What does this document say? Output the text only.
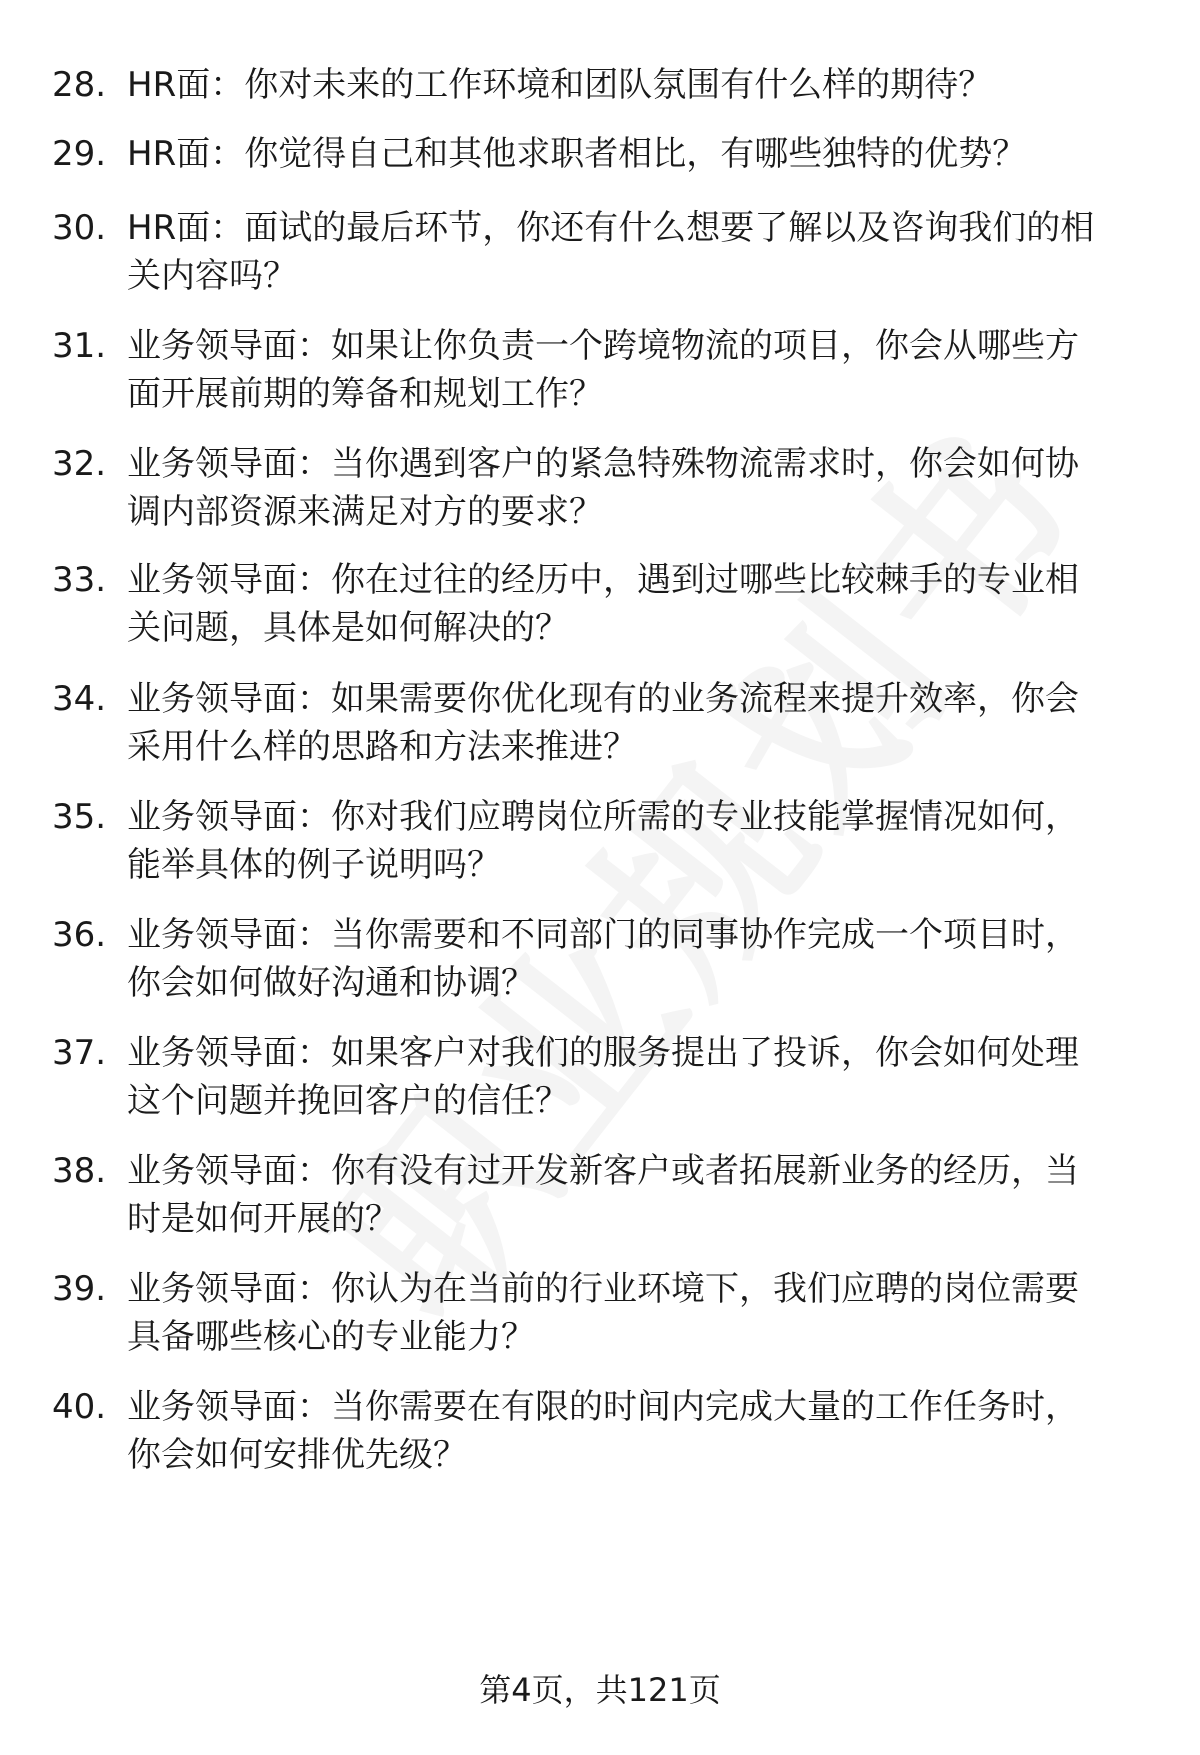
28. HR面：你对未来的工作环境和团队氛围有什么样的期待？
29. HR面：你觉得自己和其他求职者相比，有哪些独特的优势？
30. HR面：面试的最后环节，你还有什么想要了解以及咨询我们的相
关内容吗？
31. 业务领导面：如果让你负责一个跨境物流的项目，你会从哪些方
面开展前期的筹备和规划工作？
32. 业务领导面：当你遇到客户的紧急特殊物流需求时，你会如何协
调内部资源来满足对方的要求？
33. 业务领导面：你在过往的经历中，遇到过哪些比较棘手的专业相
关问题，具体是如何解决的？
34. 业务领导面：如果需要你优化现有的业务流程来提升效率，你会
采用什么样的思路和方法来推进？
35. 业务领导面：你对我们应聘岗位所需的专业技能掌握情况如何，
能举具体的例子说明吗？
36. 业务领导面：当你需要和不同部门的同事协作完成一个项目时，
你会如何做好沟通和协调？
37. 业务领导面：如果客户对我们的服务提出了投诉，你会如何处理
这个问题并挽回客户的信任？
38. 业务领导面：你有没有过开发新客户或者拓展新业务的经历，当
时是如何开展的？
39. 业务领导面：你认为在当前的行业环境下，我们应聘的岗位需要
具备哪些核心的专业能力？
40. 业务领导面：当你需要在有限的时间内完成大量的工作任务时，
你会如何安排优先级？
第4页，共121页
